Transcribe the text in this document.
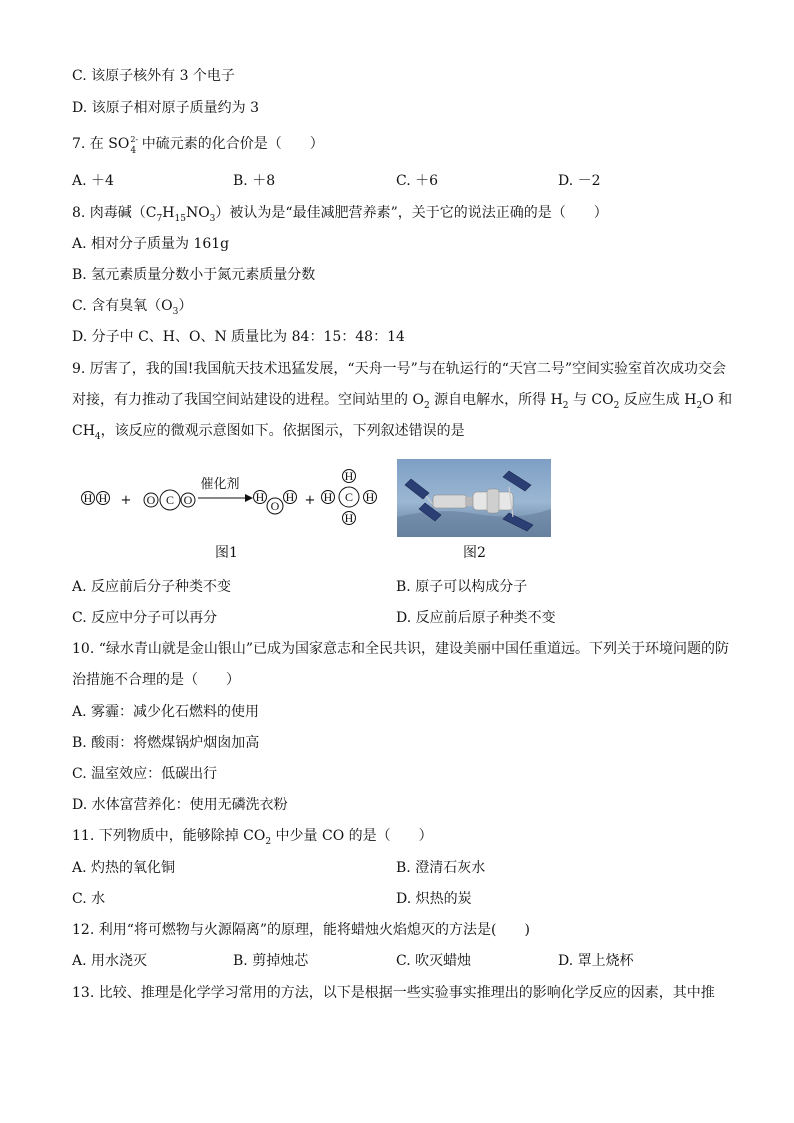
C. 该原子核外有 3 个电子
D. 该原子相对原子质量约为 3
7. 在 SO 2-
4 中硫元素的化合价是（　　）
A. ＋4	B. ＋8	C. ＋6	D. －2
8. 肉毒碱$(C_7H_{15}NO_3)$被认为是“最佳减肥营养素”，关于它的说法正确的是（　　）
A. 相对分子质量为 161g
B. 氢元素质量分数小于氮元素质量分数
C. 含有臭氧$(O_3)$
D. 分子中 C、H、O、N 质量比为 84：15：48：14
9. 厉害了，我的国!我国航天技术迅猛发展，“天舟一号”与在轨运行的“天宫二号”空间实验室首次成功交会
对接，有力推动了我国空间站建设的进程。空间站里的 $O_2$ 源自电解水，所得 $H_2$ 与 $CO_2$ 反应生成 $H_2O$ 和
$CH_4$，该反应的微观示意图如下。依据图示，下列叙述错误的是
H H	O C O	H
O
H	C
H
H
H	H
+	+
催化剂
图1	图2
A. 反应前后分子种类不变	B. 原子可以构成分子
C. 反应中分子可以再分	D. 反应前后原子种类不变
10. “绿水青山就是金山银山”已成为国家意志和全民共识，建设美丽中国任重道远。下列关于环境问题的防
治措施不合理的是（　　）
A. 雾霾：减少化石燃料的使用
B. 酸雨：将燃煤锅炉烟囱加高
C. 温室效应：低碳出行
D. 水体富营养化：使用无磷洗衣粉
11. 下列物质中，能够除掉 $CO_2$ 中少量 CO 的是（　　）
A. 灼热的氧化铜	B. 澄清石灰水
C. 水	D. 炽热的炭
12. 利用“将可燃物与火源隔离”的原理，能将蜡烛火焰熄灭的方法是(　　)
A. 用水浇灭	B. 剪掉烛芯	C. 吹灭蜡烛	D. 罩上烧杯
13. 比较、推理是化学学习常用的方法，以下是根据一些实验事实推理出的影响化学反应的因素，其中推
